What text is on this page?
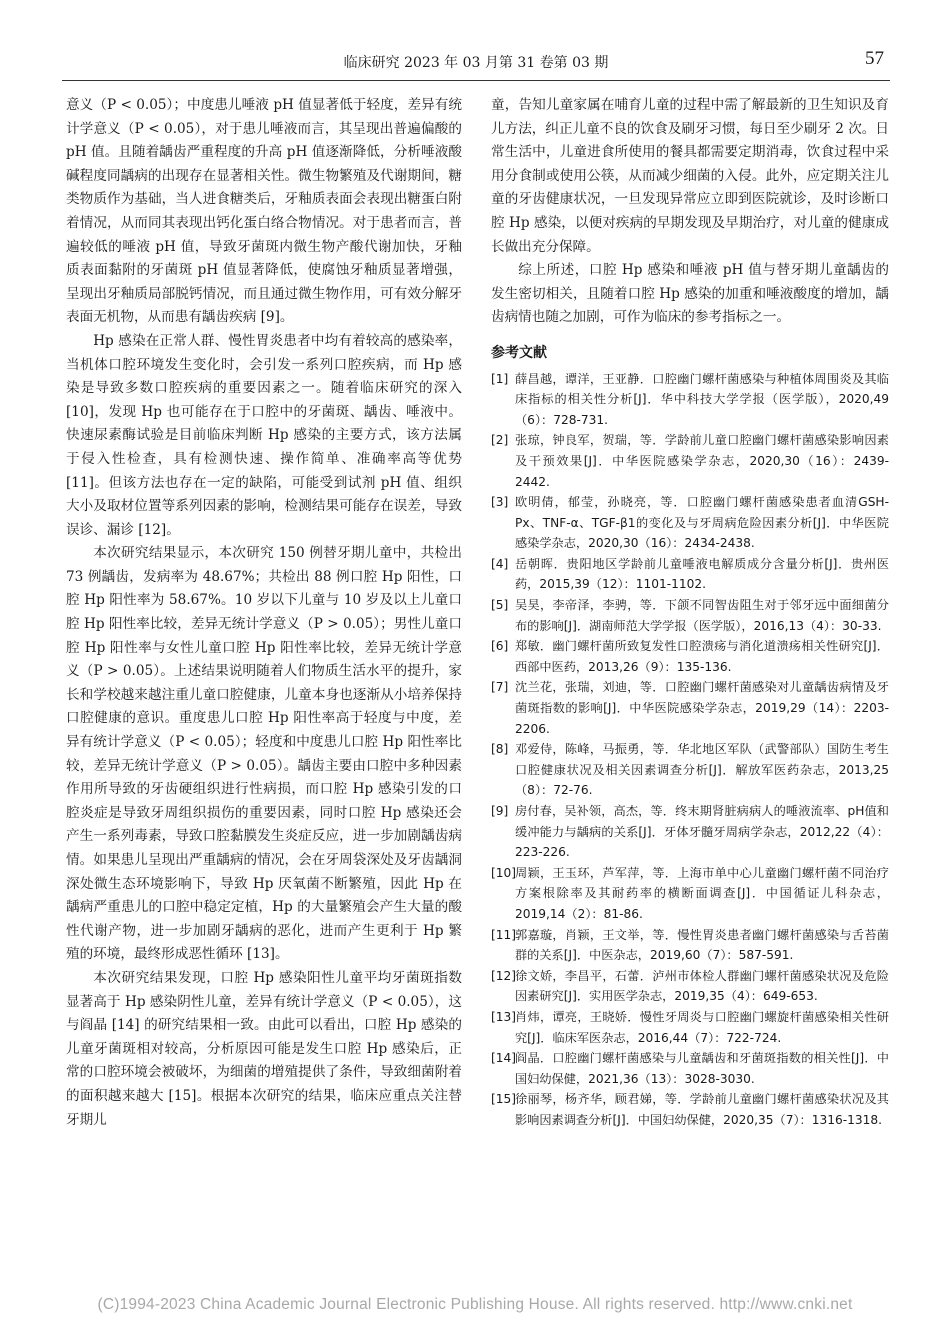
临床研究 2023 年 03 月第 31 卷第 03 期	57

意义（P < 0.05）；中度患儿唾液 pH 值显著低于轻度，差异有统计学意义（P < 0.05），对于患儿唾液而言，其呈现出普遍偏酸的 pH 值。且随着龋齿严重程度的升高 pH 值逐渐降低，分析唾液酸碱程度同龋病的出现存在显著相关性。微生物繁殖及代谢期间，糖类物质作为基础，当人进食糖类后，牙釉质表面会表现出糖蛋白附着情况，从而同其表现出钙化蛋白络合物情况。对于患者而言，普遍较低的唾液 pH 值，导致牙菌斑内微生物产酸代谢加快，牙釉质表面黏附的牙菌斑 pH 值显著降低，使腐蚀牙釉质显著增强，呈现出牙釉质局部脱钙情况，而且通过微生物作用，可有效分解牙表面无机物，从而患有龋齿疾病 [9]。

Hp 感染在正常人群、慢性胃炎患者中均有着较高的感染率，当机体口腔环境发生变化时，会引发一系列口腔疾病，而 Hp 感染是导致多数口腔疾病的重要因素之一。随着临床研究的深入 [10]，发现 Hp 也可能存在于口腔中的牙菌斑、龋齿、唾液中。快速尿素酶试验是目前临床判断 Hp 感染的主要方式，该方法属于侵入性检查，具有检测快速、操作简单、准确率高等优势 [11]。但该方法也存在一定的缺陷，可能受到试剂 pH 值、组织大小及取材位置等系列因素的影响，检测结果可能存在误差，导致误诊、漏诊 [12]。

本次研究结果显示，本次研究 150 例替牙期儿童中，共检出 73 例龋齿，发病率为 48.67%；共检出 88 例口腔 Hp 阳性，口腔 Hp 阳性率为 58.67%。10 岁以下儿童与 10 岁及以上儿童口腔 Hp 阳性率比较，差异无统计学意义（P > 0.05）；男性儿童口腔 Hp 阳性率与女性儿童口腔 Hp 阳性率比较，差异无统计学意义（P > 0.05）。上述结果说明随着人们物质生活水平的提升，家长和学校越来越注重儿童口腔健康，儿童本身也逐渐从小培养保持口腔健康的意识。重度患儿口腔 Hp 阳性率高于轻度与中度，差异有统计学意义（P < 0.05）；轻度和中度患儿口腔 Hp 阳性率比较，差异无统计学意义（P > 0.05）。龋齿主要由口腔中多种因素作用所导致的牙齿硬组织进行性病损，而口腔 Hp 感染引发的口腔炎症是导致牙周组织损伤的重要因素，同时口腔 Hp 感染还会产生一系列毒素，导致口腔黏膜发生炎症反应，进一步加剧龋齿病情。如果患儿呈现出严重龋病的情况，会在牙周袋深处及牙齿龋洞深处微生态环境影响下，导致 Hp 厌氧菌不断繁殖，因此 Hp 在龋病严重患儿的口腔中稳定定植，Hp 的大量繁殖会产生大量的酸性代谢产物，进一步加剧牙龋病的恶化，进而产生更利于 Hp 繁殖的环境，最终形成恶性循环 [13]。

本次研究结果发现，口腔 Hp 感染阳性儿童平均牙菌斑指数显著高于 Hp 感染阴性儿童，差异有统计学意义（P < 0.05），这与阎晶 [14] 的研究结果相一致。由此可以看出，口腔 Hp 感染的儿童牙菌斑相对较高，分析原因可能是发生口腔 Hp 感染后，正常的口腔环境会被破坏，为细菌的增殖提供了条件，导致细菌附着的面积越来越大 [15]。根据本次研究的结果，临床应重点关注替牙期儿

童，告知儿童家属在哺育儿童的过程中需了解最新的卫生知识及育儿方法，纠正儿童不良的饮食及刷牙习惯，每日至少刷牙 2 次。日常生活中，儿童进食所使用的餐具都需要定期消毒，饮食过程中采用分食制或使用公筷，从而减少细菌的入侵。此外，应定期关注儿童的牙齿健康状况，一旦发现异常应立即到医院就诊，及时诊断口腔 Hp 感染，以便对疾病的早期发现及早期治疗，对儿童的健康成长做出充分保障。

综上所述，口腔 Hp 感染和唾液 pH 值与替牙期儿童龋齿的发生密切相关，且随着口腔 Hp 感染的加重和唾液酸度的增加，龋齿病情也随之加剧，可作为临床的参考指标之一。

参考文献
[1] 薛昌越，谭洋，王亚静．口腔幽门螺杆菌感染与种植体周围炎及其临床指标的相关性分析[J]．华中科技大学学报（医学版），2020,49（6）：728-731.
[2] 张琼，钟良军，贺瑞，等．学龄前儿童口腔幽门螺杆菌感染影响因素及干预效果[J]．中华医院感染学杂志，2020,30（16）：2439-2442.
[3] 欧明倩，郁莹，孙晓亮，等．口腔幽门螺杆菌感染患者血清GSH-Px、TNF-α、TGF-β1的变化及与牙周病危险因素分析[J]．中华医院感染学杂志，2020,30（16）：2434-2438.
[4] 岳朝晖．贵阳地区学龄前儿童唾液电解质成分含量分析[J]．贵州医药，2015,39（12）：1101-1102.
[5] 吴昊，李帝泽，李骋，等．下颌不同智齿阻生对于邻牙远中面细菌分布的影响[J]．湖南师范大学学报（医学版），2016,13（4）：30-33.
[6] 郑敏．幽门螺杆菌所致复发性口腔溃疡与消化道溃疡相关性研究[J]．西部中医药，2013,26（9）：135-136.
[7] 沈兰花，张瑞，刘迪，等．口腔幽门螺杆菌感染对儿童龋齿病情及牙菌斑指数的影响[J]．中华医院感染学杂志，2019,29（14）：2203-2206.
[8] 邓爱侍，陈峰，马振勇，等．华北地区军队（武警部队）国防生考生口腔健康状况及相关因素调查分析[J]．解放军医药杂志，2013,25（8）：72-76.
[9] 房付春，吴补领，高杰，等．终末期肾脏病病人的唾液流率、pH值和缓冲能力与龋病的关系[J]．牙体牙髓牙周病学杂志，2012,22（4）：223-226.
[10]
周颖，王玉环，芦军萍，等．上海市单中心儿童幽门螺杆菌不同治疗方案根除率及其耐药率的横断面调查[J]．中国循证儿科杂志，2019,14（2）：81-86.
[11]
郭嘉璇，肖颖，王文举，等．慢性胃炎患者幽门螺杆菌感染与舌苔菌群的关系[J]．中医杂志，2019,60（7）：587-591.
[12]
徐文娇，李昌平，石蕾．泸州市体检人群幽门螺杆菌感染状况及危险因素研究[J]．实用医学杂志，2019,35（4）：649-653.
[13]
肖炜，谭亮，王晓娇．慢性牙周炎与口腔幽门螺旋杆菌感染相关性研究[J]．临床军医杂志，2016,44（7）：722-724.
[14]
阎晶．口腔幽门螺杆菌感染与儿童龋齿和牙菌斑指数的相关性[J]．中国妇幼保健，2021,36（13）：3028-3030.
[15]
徐丽琴，杨齐华，顾君娣，等．学龄前儿童幽门螺杆菌感染状况及其影响因素调查分析[J]．中国妇幼保健，2020,35（7）：1316-1318.
(C)1994-2023 China Academic Journal Electronic Publishing House. All rights reserved. http://www.cnki.net
